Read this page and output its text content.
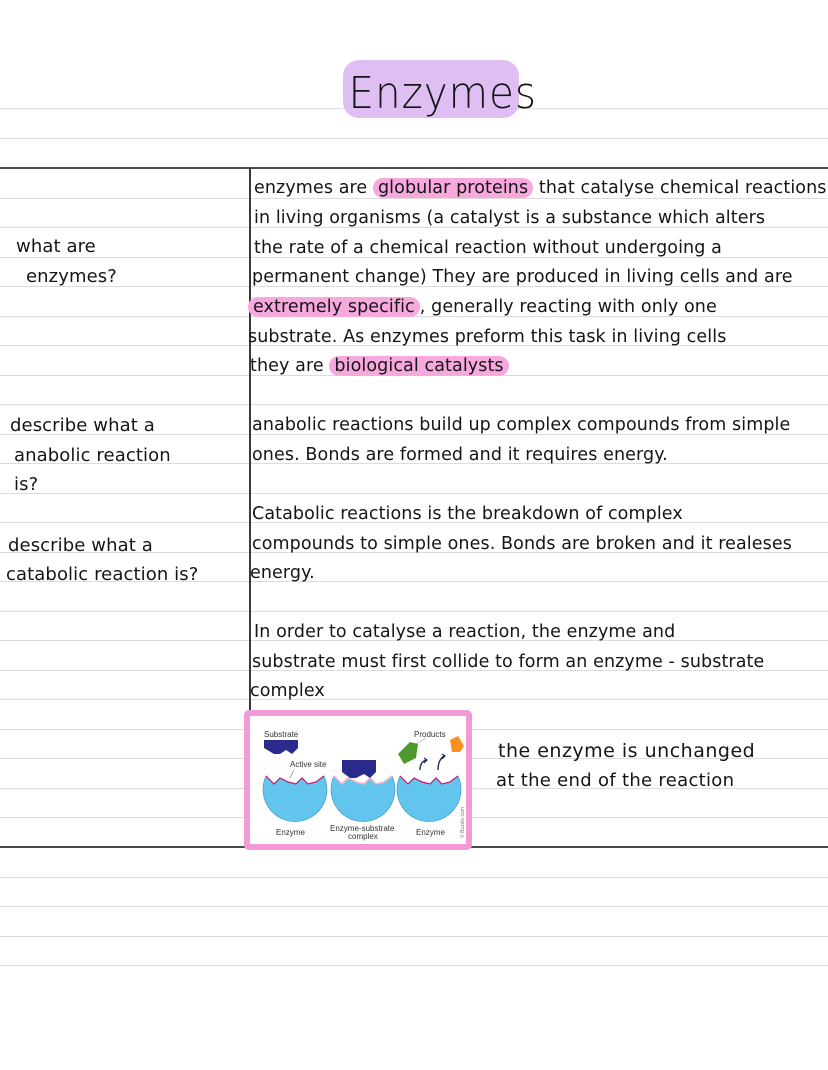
Enzymes
what are
enzymes?
describe what a
anabolic reaction
is?
describe what a
catabolic reaction is?
enzymes are globular proteins that catalyse chemical reactions
in living organisms (a catalyst is a substance which alters
the rate of a chemical reaction without undergoing a
permanent change) They are produced in living cells and are
extremely specific , generally reacting with only one
substrate. As enzymes preform this task in living cells
they are biological catalysts
anabolic reactions build up complex compounds from simple
ones. Bonds are formed and it requires energy.
Catabolic reactions is the breakdown of complex
compounds to simple ones. Bonds are broken and it realeses
energy.
In order to catalyse a reaction, the enzyme and
substrate must first collide to form an enzyme - substrate
complex
the enzyme is unchanged
at the end of the reaction
Substrate
Active site
Products
Enzyme	Enzyme-substrate
complex	Enzyme	© Buzzle.com
